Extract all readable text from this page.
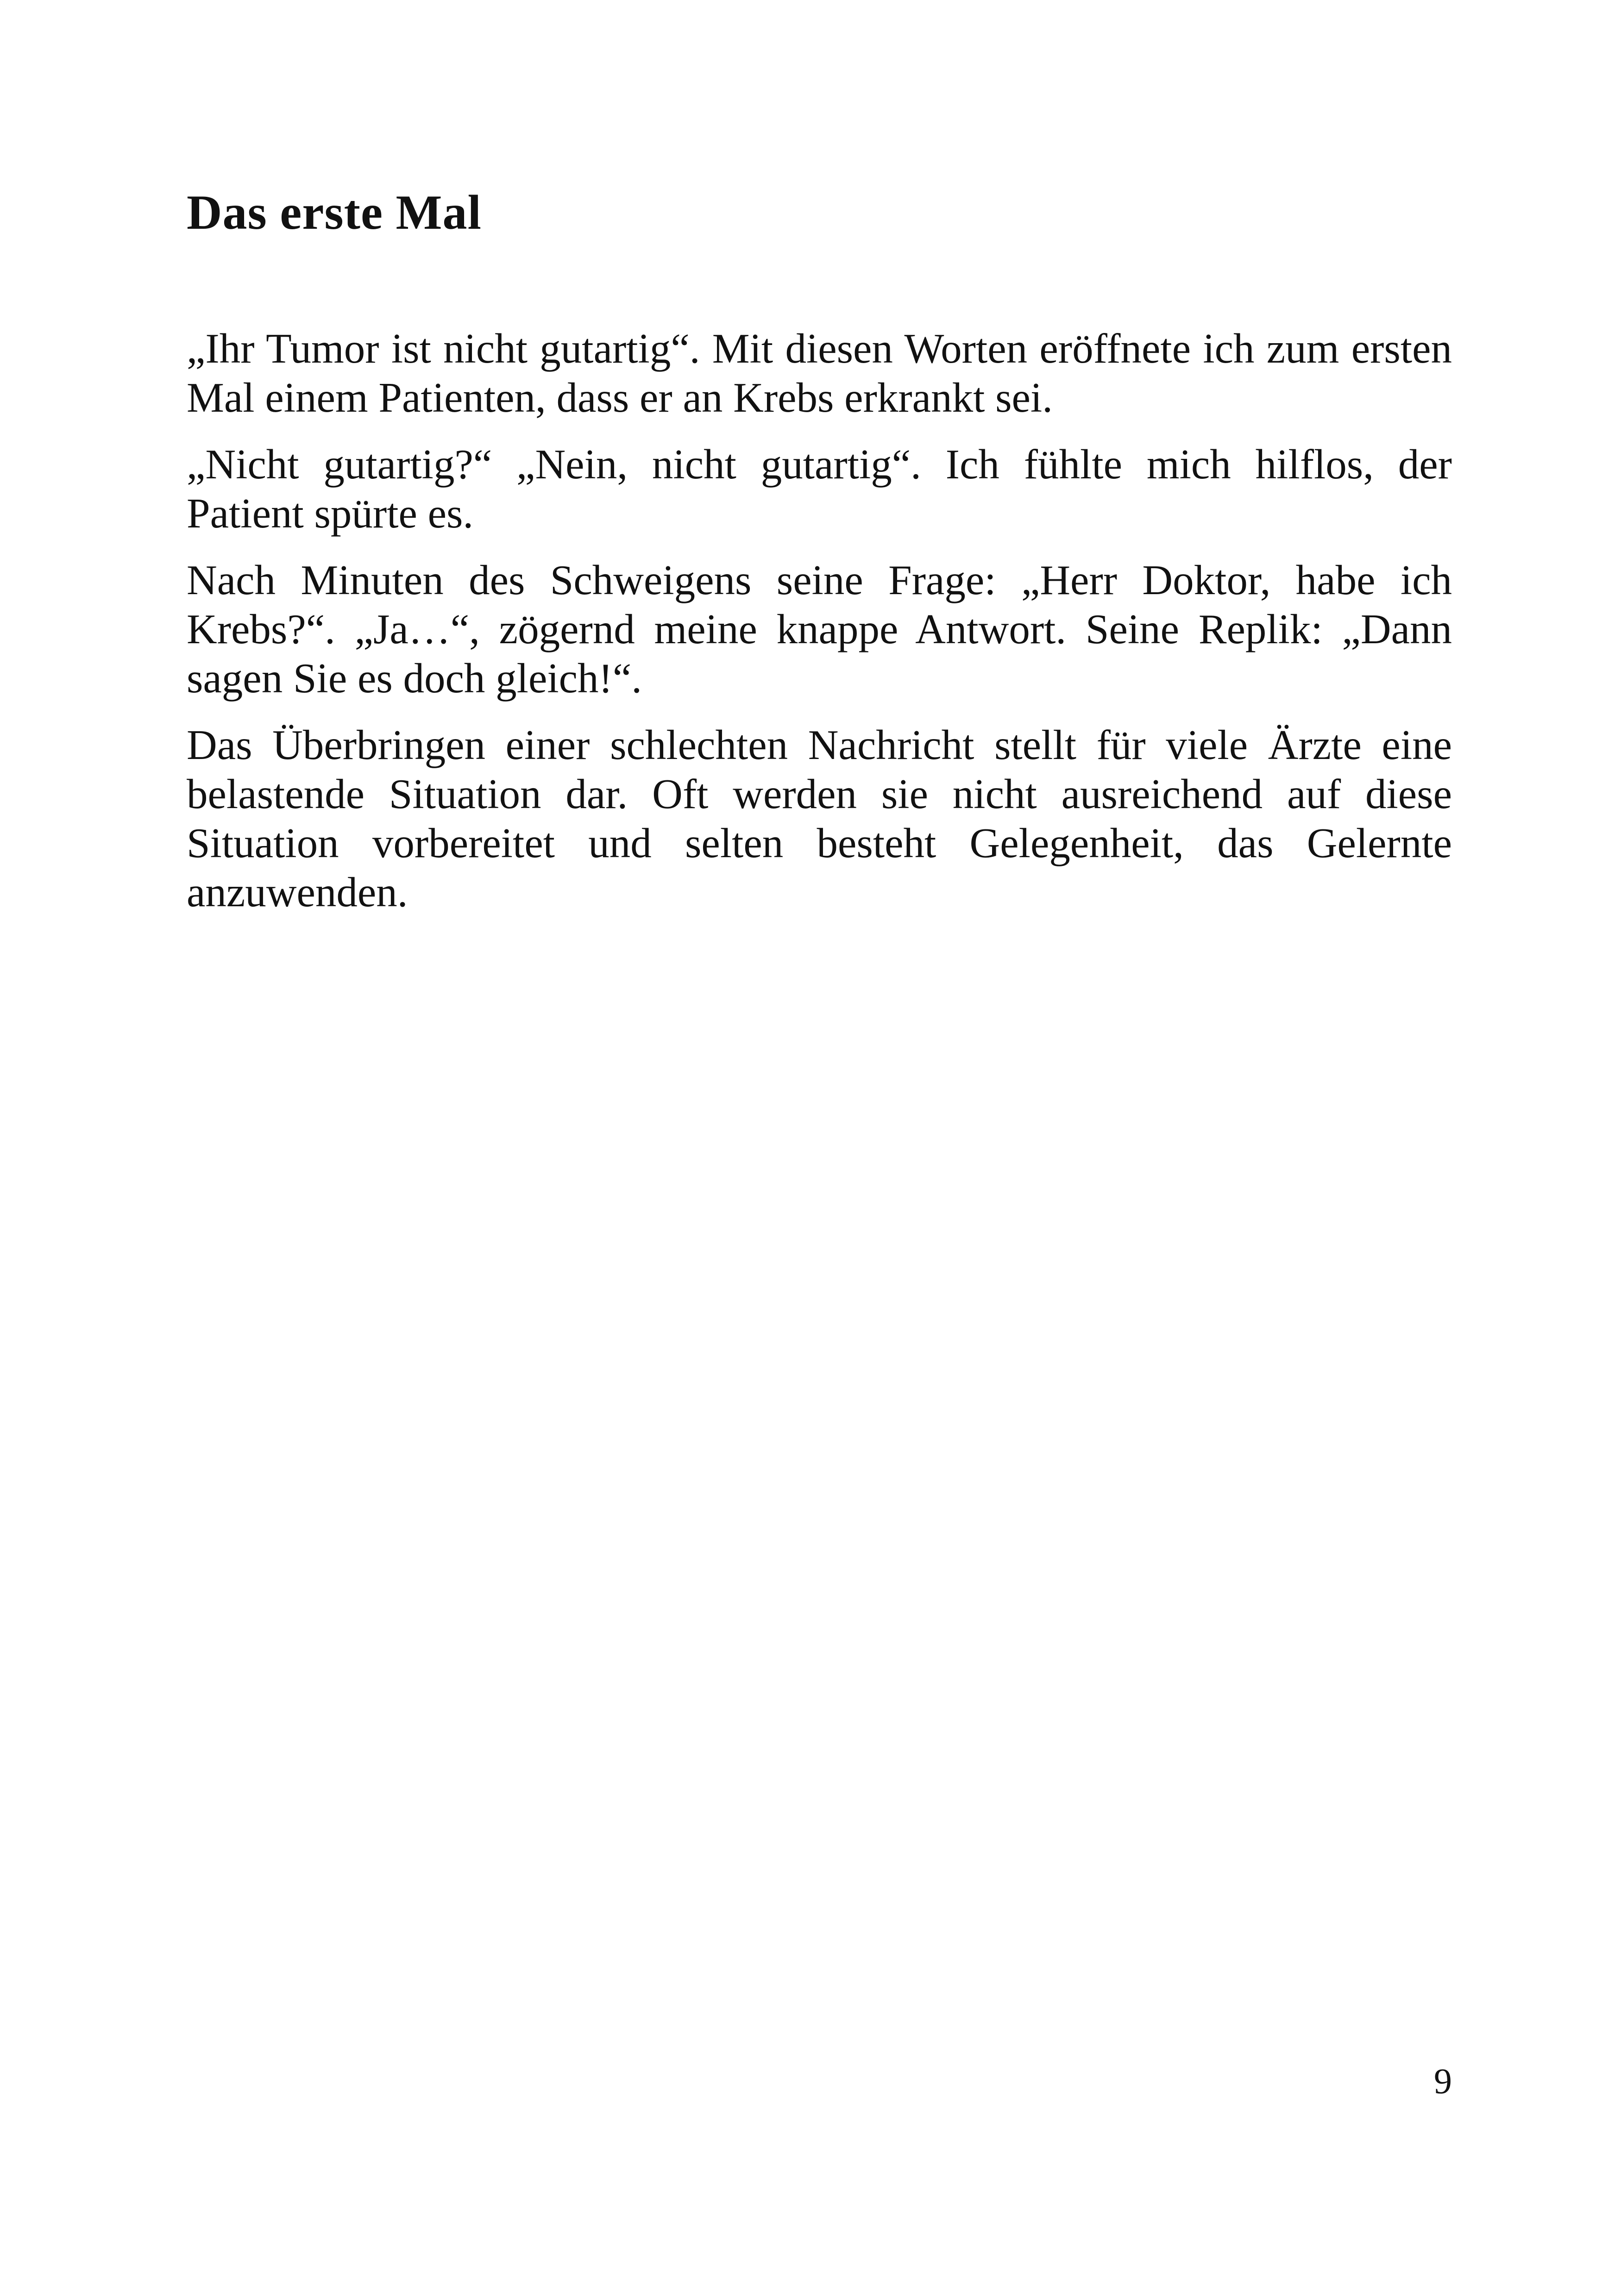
Das erste Mal

„Ihr Tumor ist nicht gutartig“. Mit diesen Worten eröffnete ich zum ersten Mal einem Patienten, dass er an Krebs erkrankt sei.

„Nicht gutartig?“ „Nein, nicht gutartig“. Ich fühlte mich hilflos, der Patient spürte es.

Nach Minuten des Schweigens seine Frage: „Herr Doktor, habe ich Krebs?“. „Ja…“, zögernd meine knappe Antwort. Seine Replik: „Dann sagen Sie es doch gleich!“.

Das Überbringen einer schlechten Nachricht stellt für viele Ärzte eine belastende Situation dar. Oft werden sie nicht ausreichend auf diese Situation vorbereitet und selten besteht Gelegenheit, das Gelernte anzuwenden.

9
